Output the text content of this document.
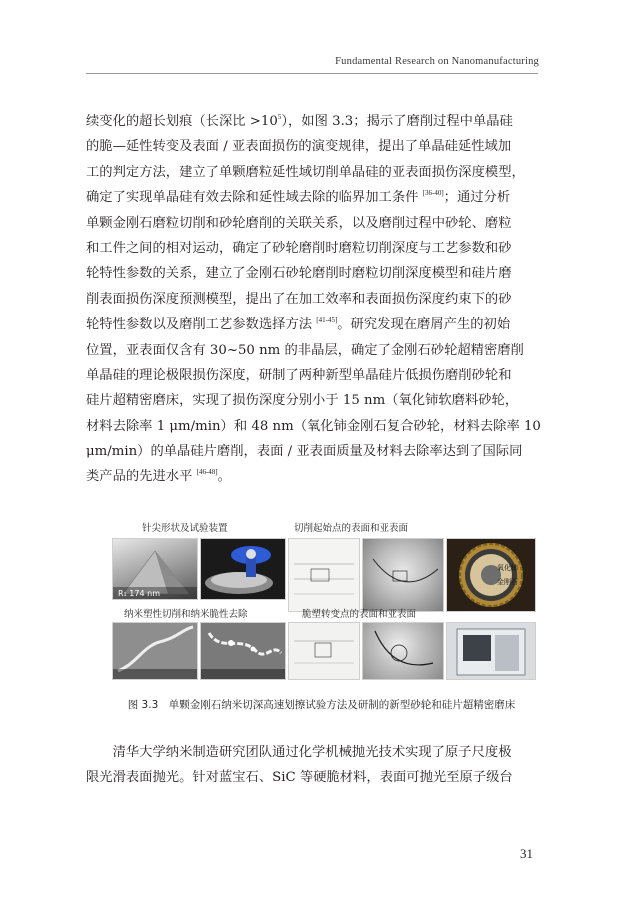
Fundamental Research on Nanomanufacturing
续变化的超长划痕（长深比 $>10^5$），如图 3.3；揭示了磨削过程中单晶硅
的脆—延性转变及表面 / 亚表面损伤的演变规律，提出了单晶硅延性域加
工的判定方法，建立了单颗磨粒延性域切削单晶硅的亚表面损伤深度模型，
确定了实现单晶硅有效去除和延性域去除的临界加工条件 [36-40]；通过分析
单颗金刚石磨粒切削和砂轮磨削的关联关系，以及磨削过程中砂轮、磨粒
和工件之间的相对运动，确定了砂轮磨削时磨粒切削深度与工艺参数和砂
轮特性参数的关系，建立了金刚石砂轮磨削时磨粒切削深度模型和硅片磨
削表面损伤深度预测模型，提出了在加工效率和表面损伤深度约束下的砂
轮特性参数以及磨削工艺参数选择方法 [41-45]。研究发现在磨屑产生的初始
位置，亚表面仅含有 30~50 nm 的非晶层，确定了金刚石砂轮超精密磨削
单晶硅的理论极限损伤深度，研制了两种新型单晶硅片低损伤磨削砂轮和
硅片超精密磨床，实现了损伤深度分别小于 15 nm（氧化铈软磨料砂轮，
材料去除率 1 μm/min）和 48 nm（氧化铈金刚石复合砂轮，材料去除率 10
μm/min）的单晶硅片磨削，表面 / 亚表面质量及材料去除率达到了国际同
类产品的先进水平 [46-48]。
针尖形状及试验装置	切削起始点的表面和亚表面
R₁ 174 nm
氧化铈
金刚石
纳米塑性切削和纳米脆性去除	脆塑转变点的表面和亚表面
图 3.3　单颗金刚石纳米切深高速划擦试验方法及研制的新型砂轮和硅片超精密磨床
　　清华大学纳米制造研究团队通过化学机械抛光技术实现了原子尺度极
限光滑表面抛光。针对蓝宝石、SiC 等硬脆材料，表面可抛光至原子级台
31
